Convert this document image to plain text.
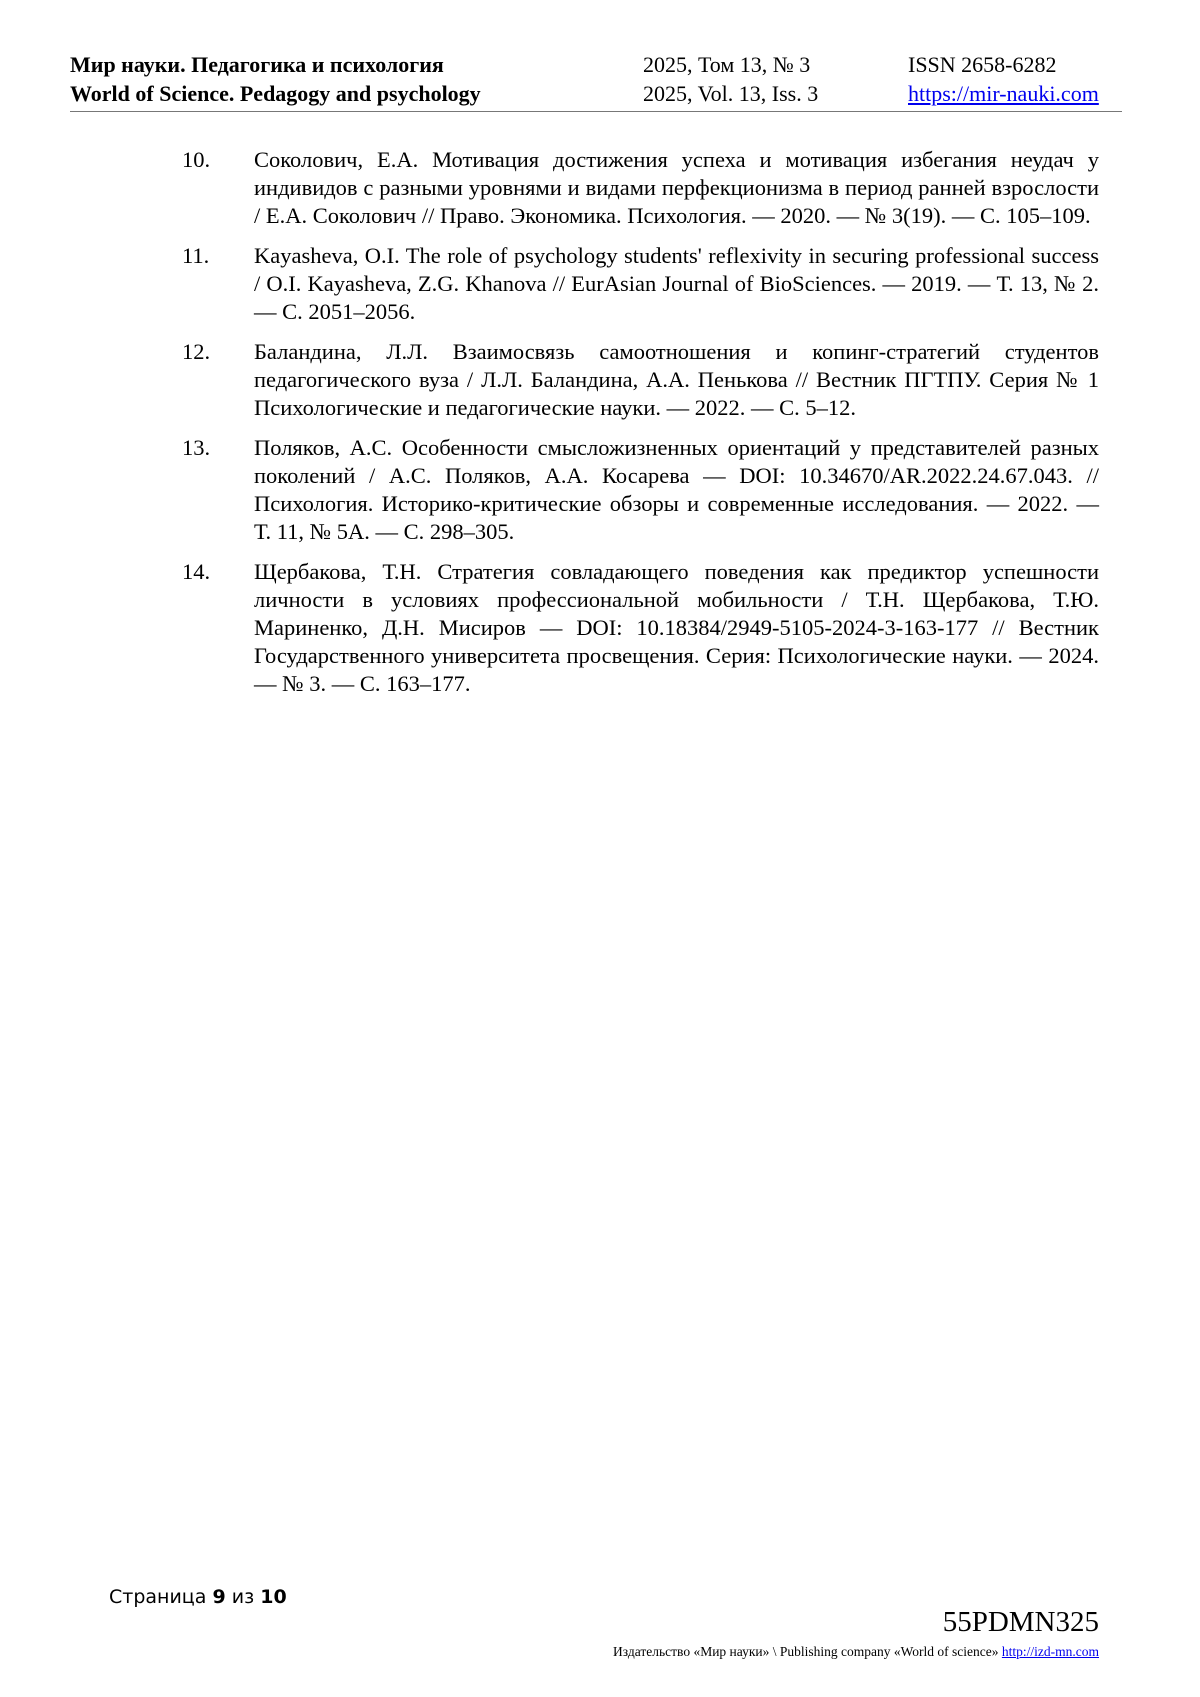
Мир науки. Педагогика и психология	2025, Том 13, № 3	ISSN 2658-6282
World of Science. Pedagogy and psychology	2025, Vol. 13, Iss. 3	https://mir-nauki.com
10.	Соколович, Е.А. Мотивация достижения успеха и мотивация избегания неудач у индивидов с разными уровнями и видами перфекционизма в период ранней взрослости / Е.А. Соколович // Право. Экономика. Психология. — 2020. — № 3(19). — С. 105–109.
11.	Kayasheva, O.I. The role of psychology students' reflexivity in securing professional success / O.I. Kayasheva, Z.G. Khanova // EurAsian Journal of BioSciences. — 2019. — Т. 13, № 2. — С. 2051–2056.
12.	Баландина, Л.Л. Взаимосвязь самоотношения и копинг-стратегий студентов педагогического вуза / Л.Л. Баландина, А.А. Пенькова // Вестник ПГТПУ. Серия № 1 Психологические и педагогические науки. — 2022. — С. 5–12.
13.	Поляков, А.С. Особенности смысложизненных ориентаций у представителей разных поколений / А.С. Поляков, А.А. Косарева — DOI: 10.34670/AR.2022.24.67.043. // Психология. Историко-критические обзоры и современные исследования. — 2022. — Т. 11, № 5А. — С. 298–305.
14.	Щербакова, Т.Н. Стратегия совладающего поведения как предиктор успешности личности в условиях профессиональной мобильности / Т.Н. Щербакова, Т.Ю. Мариненко, Д.Н. Мисиров — DOI: 10.18384/2949-5105-2024-3-163-177 // Вестник Государственного университета просвещения. Серия: Психологические науки. — 2024. — № 3. — С. 163–177.
Страница 9 из 10
55PDMN325
Издательство «Мир науки» \ Publishing company «World of science» http://izd-mn.com
